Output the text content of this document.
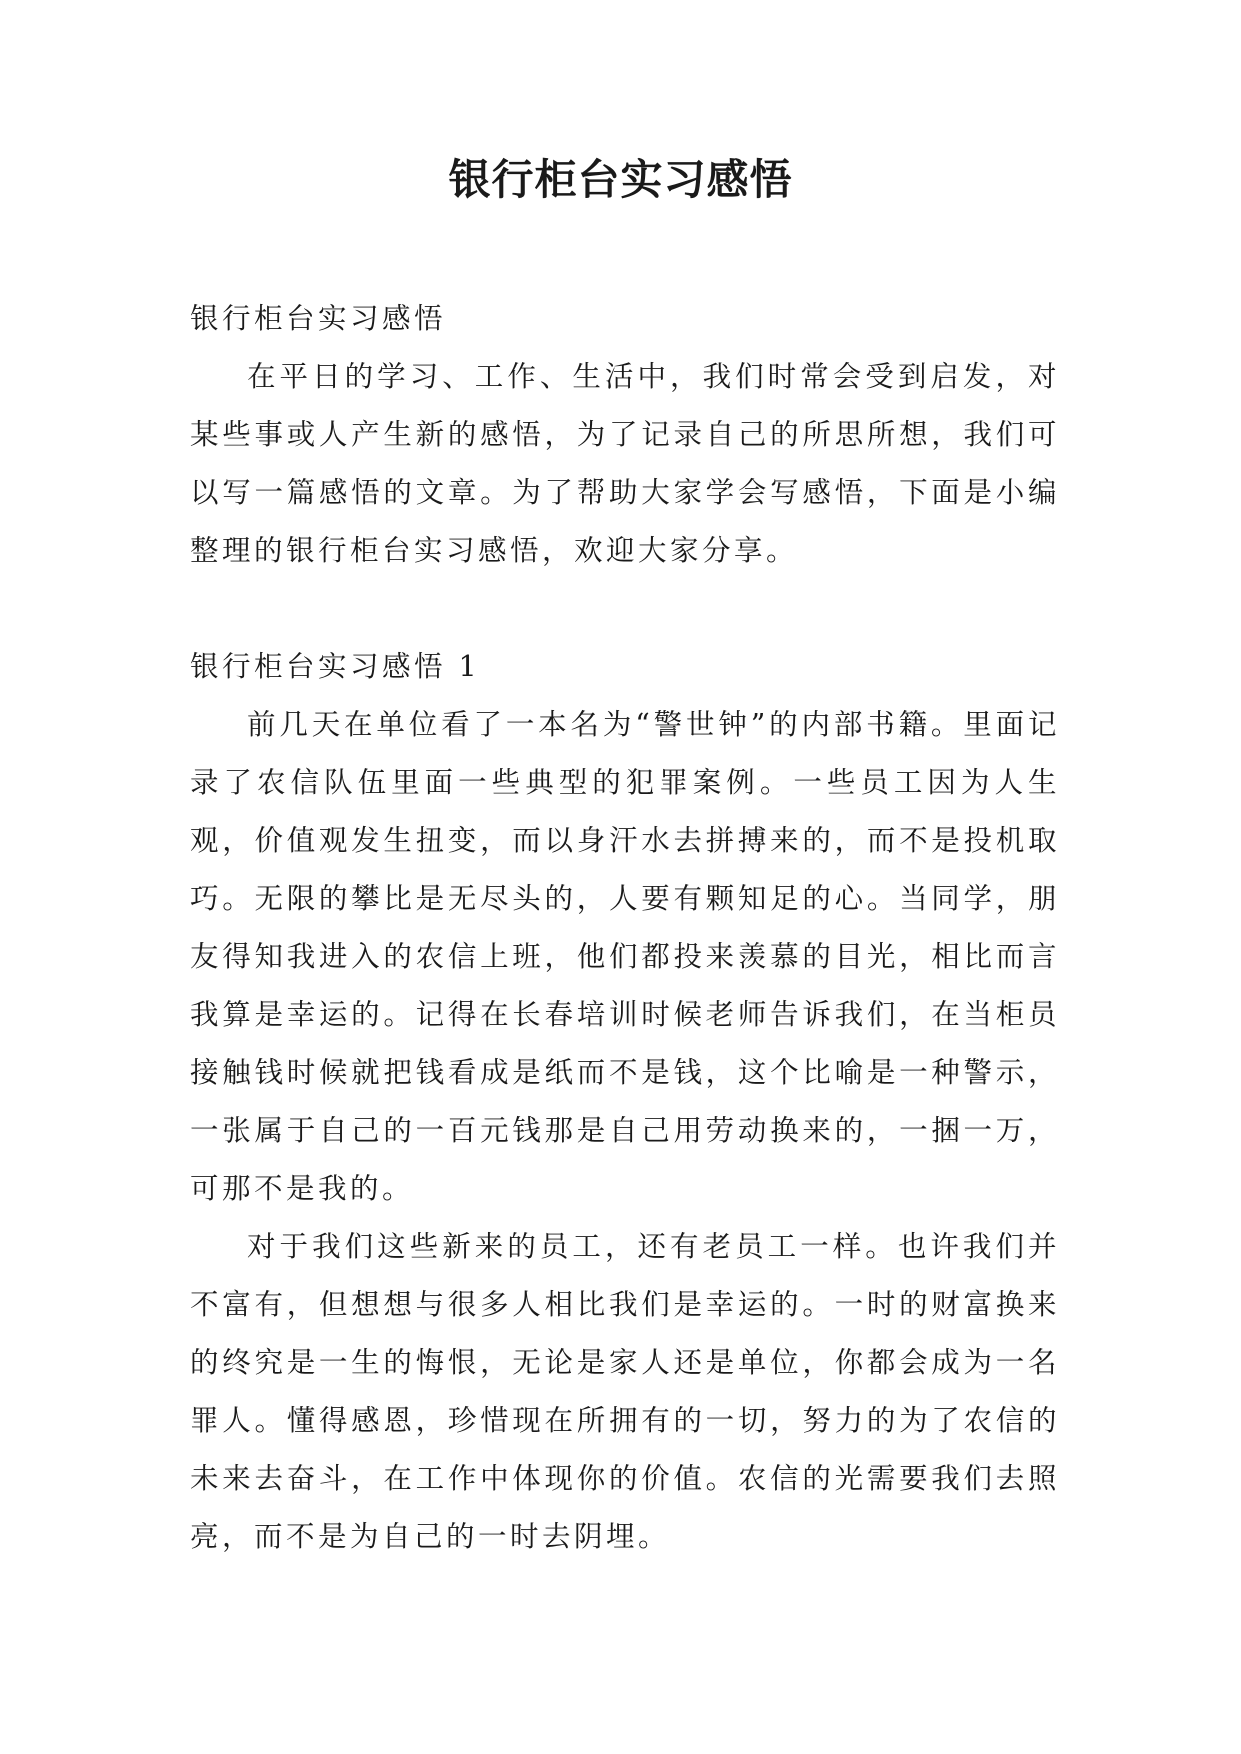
银行柜台实习感悟

银行柜台实习感悟

在平日的学习、工作、生活中，我们时常会受到启发，对某些事或人产生新的感悟，为了记录自己的所思所想，我们可以写一篇感悟的文章。为了帮助大家学会写感悟，下面是小编整理的银行柜台实习感悟，欢迎大家分享。

银行柜台实习感悟 1

前几天在单位看了一本名为“警世钟”的内部书籍。里面记录了农信队伍里面一些典型的犯罪案例。一些员工因为人生观，价值观发生扭变，而以身汗水去拼搏来的，而不是投机取巧。无限的攀比是无尽头的，人要有颗知足的心。当同学，朋友得知我进入的农信上班，他们都投来羡慕的目光，相比而言我算是幸运的。记得在长春培训时候老师告诉我们，在当柜员接触钱时候就把钱看成是纸而不是钱，这个比喻是一种警示，一张属于自己的一百元钱那是自己用劳动换来的，一捆一万，可那不是我的。

对于我们这些新来的员工，还有老员工一样。也许我们并不富有，但想想与很多人相比我们是幸运的。一时的财富换来的终究是一生的悔恨，无论是家人还是单位，你都会成为一名罪人。懂得感恩，珍惜现在所拥有的一切，努力的为了农信的未来去奋斗，在工作中体现你的价值。农信的光需要我们去照亮，而不是为自己的一时去阴埋。
